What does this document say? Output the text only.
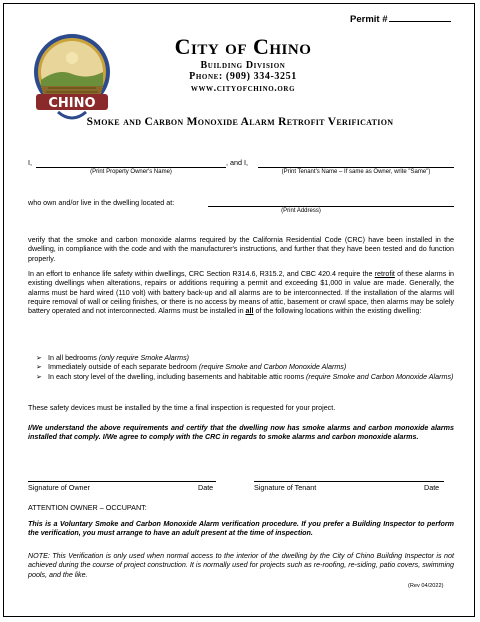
Permit #
CHINO
City of Chino
Building Division
Phone: (909) 334-3251
www.cityofchino.org
Smoke and Carbon Monoxide Alarm Retrofit Verification
I,	, and I,
(Print Property Owner's Name)	(Print Tenant's Name – If same as Owner, write "Same")
who own and/or live in the dwelling located at:
(Print Address)
verify that the smoke and carbon monoxide alarms required by the California Residential Code (CRC) have been installed in the dwelling, in compliance with the code and with the manufacturer's instructions, and further that they have been tested and do function properly.
In an effort to enhance life safety within dwellings, CRC Section R314.6, R315.2, and CBC 420.4 require the retrofit of these alarms in existing dwellings when alterations, repairs or additions requiring a permit and exceeding $1,000 in value are made. Generally, the alarms must be hard wired (110 volt) with battery back-up and all alarms are to be interconnected. If the installation of the alarms will require removal of wall or ceiling finishes, or there is no access by means of attic, basement or crawl space, then alarms may be solely battery operated and not interconnected. Alarms must be installed in all of the following locations within the existing dwelling:
➢ In all bedrooms (only require Smoke Alarms)
➢ Immediately outside of each separate bedroom (require Smoke and Carbon Monoxide Alarms)
➢ In each story level of the dwelling, including basements and habitable attic rooms (require Smoke and Carbon Monoxide Alarms)
These safety devices must be installed by the time a final inspection is requested for your project.
I/We understand the above requirements and certify that the dwelling now has smoke alarms and carbon monoxide alarms installed that comply. I/We agree to comply with the CRC in regards to smoke alarms and carbon monoxide alarms.
Signature of Owner	Date	Signature of Tenant	Date
ATTENTION OWNER – OCCUPANT:
This is a Voluntary Smoke and Carbon Monoxide Alarm verification procedure. If you prefer a Building Inspector to perform the verification, you must arrange to have an adult present at the time of inspection.
NOTE: This Verification is only used when normal access to the interior of the dwelling by the City of Chino Building Inspector is not achieved during the course of project construction. It is normally used for projects such as re-roofing, re-siding, patio covers, swimming pools, and the like.
(Rev 04/2022)
